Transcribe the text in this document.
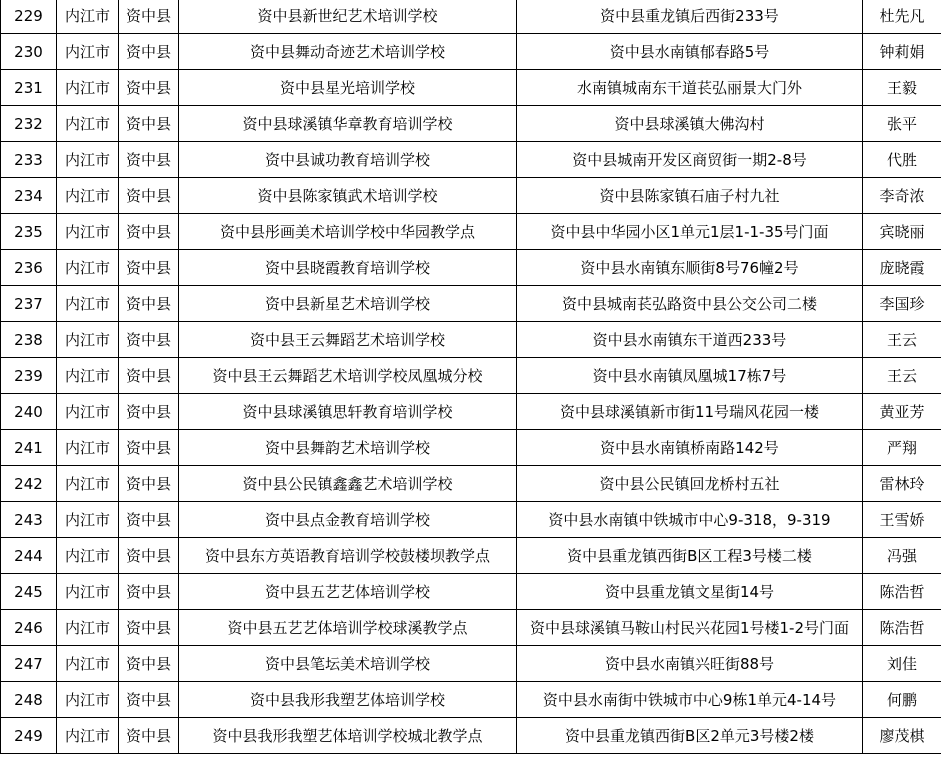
229	内江市	资中县	资中县新世纪艺术培训学校	资中县重龙镇后西街233号	杜先凡
230	内江市	资中县	资中县舞动奇迹艺术培训学校	资中县水南镇郁春路5号	钟莉娟
231	内江市	资中县	资中县星光培训学校	水南镇城南东干道苌弘丽景大门外	王毅
232	内江市	资中县	资中县球溪镇华章教育培训学校	资中县球溪镇大佛沟村	张平
233	内江市	资中县	资中县诚功教育培训学校	资中县城南开发区商贸街一期2-8号	代胜
234	内江市	资中县	资中县陈家镇武术培训学校	资中县陈家镇石庙子村九社	李奇浓
235	内江市	资中县	资中县彤画美术培训学校中华园教学点	资中县中华园小区1单元1层1-1-35号门面	宾晓丽
236	内江市	资中县	资中县晓霞教育培训学校	资中县水南镇东顺街8号76幢2号	庞晓霞
237	内江市	资中县	资中县新星艺术培训学校	资中县城南苌弘路资中县公交公司二楼	李国珍
238	内江市	资中县	资中县王云舞蹈艺术培训学校	资中县水南镇东干道西233号	王云
239	内江市	资中县	资中县王云舞蹈艺术培训学校凤凰城分校	资中县水南镇凤凰城17栋7号	王云
240	内江市	资中县	资中县球溪镇思轩教育培训学校	资中县球溪镇新市街11号瑞风花园一楼	黄亚芳
241	内江市	资中县	资中县舞韵艺术培训学校	资中县水南镇桥南路142号	严翔
242	内江市	资中县	资中县公民镇鑫鑫艺术培训学校	资中县公民镇回龙桥村五社	雷林玲
243	内江市	资中县	资中县点金教育培训学校	资中县水南镇中铁城市中心9-318，9-319	王雪娇
244	内江市	资中县	资中县东方英语教育培训学校鼓楼坝教学点	资中县重龙镇西街B区工程3号楼二楼	冯强
245	内江市	资中县	资中县五艺艺体培训学校	资中县重龙镇文星街14号	陈浩哲
246	内江市	资中县	资中县五艺艺体培训学校球溪教学点	资中县球溪镇马鞍山村民兴花园1号楼1-2号门面	陈浩哲
247	内江市	资中县	资中县笔坛美术培训学校	资中县水南镇兴旺街88号	刘佳
248	内江市	资中县	资中县我形我塑艺体培训学校	资中县水南街中铁城市中心9栋1单元4-14号	何鹏
249	内江市	资中县	资中县我形我塑艺体培训学校城北教学点	资中县重龙镇西街B区2单元3号楼2楼	廖茂棋
